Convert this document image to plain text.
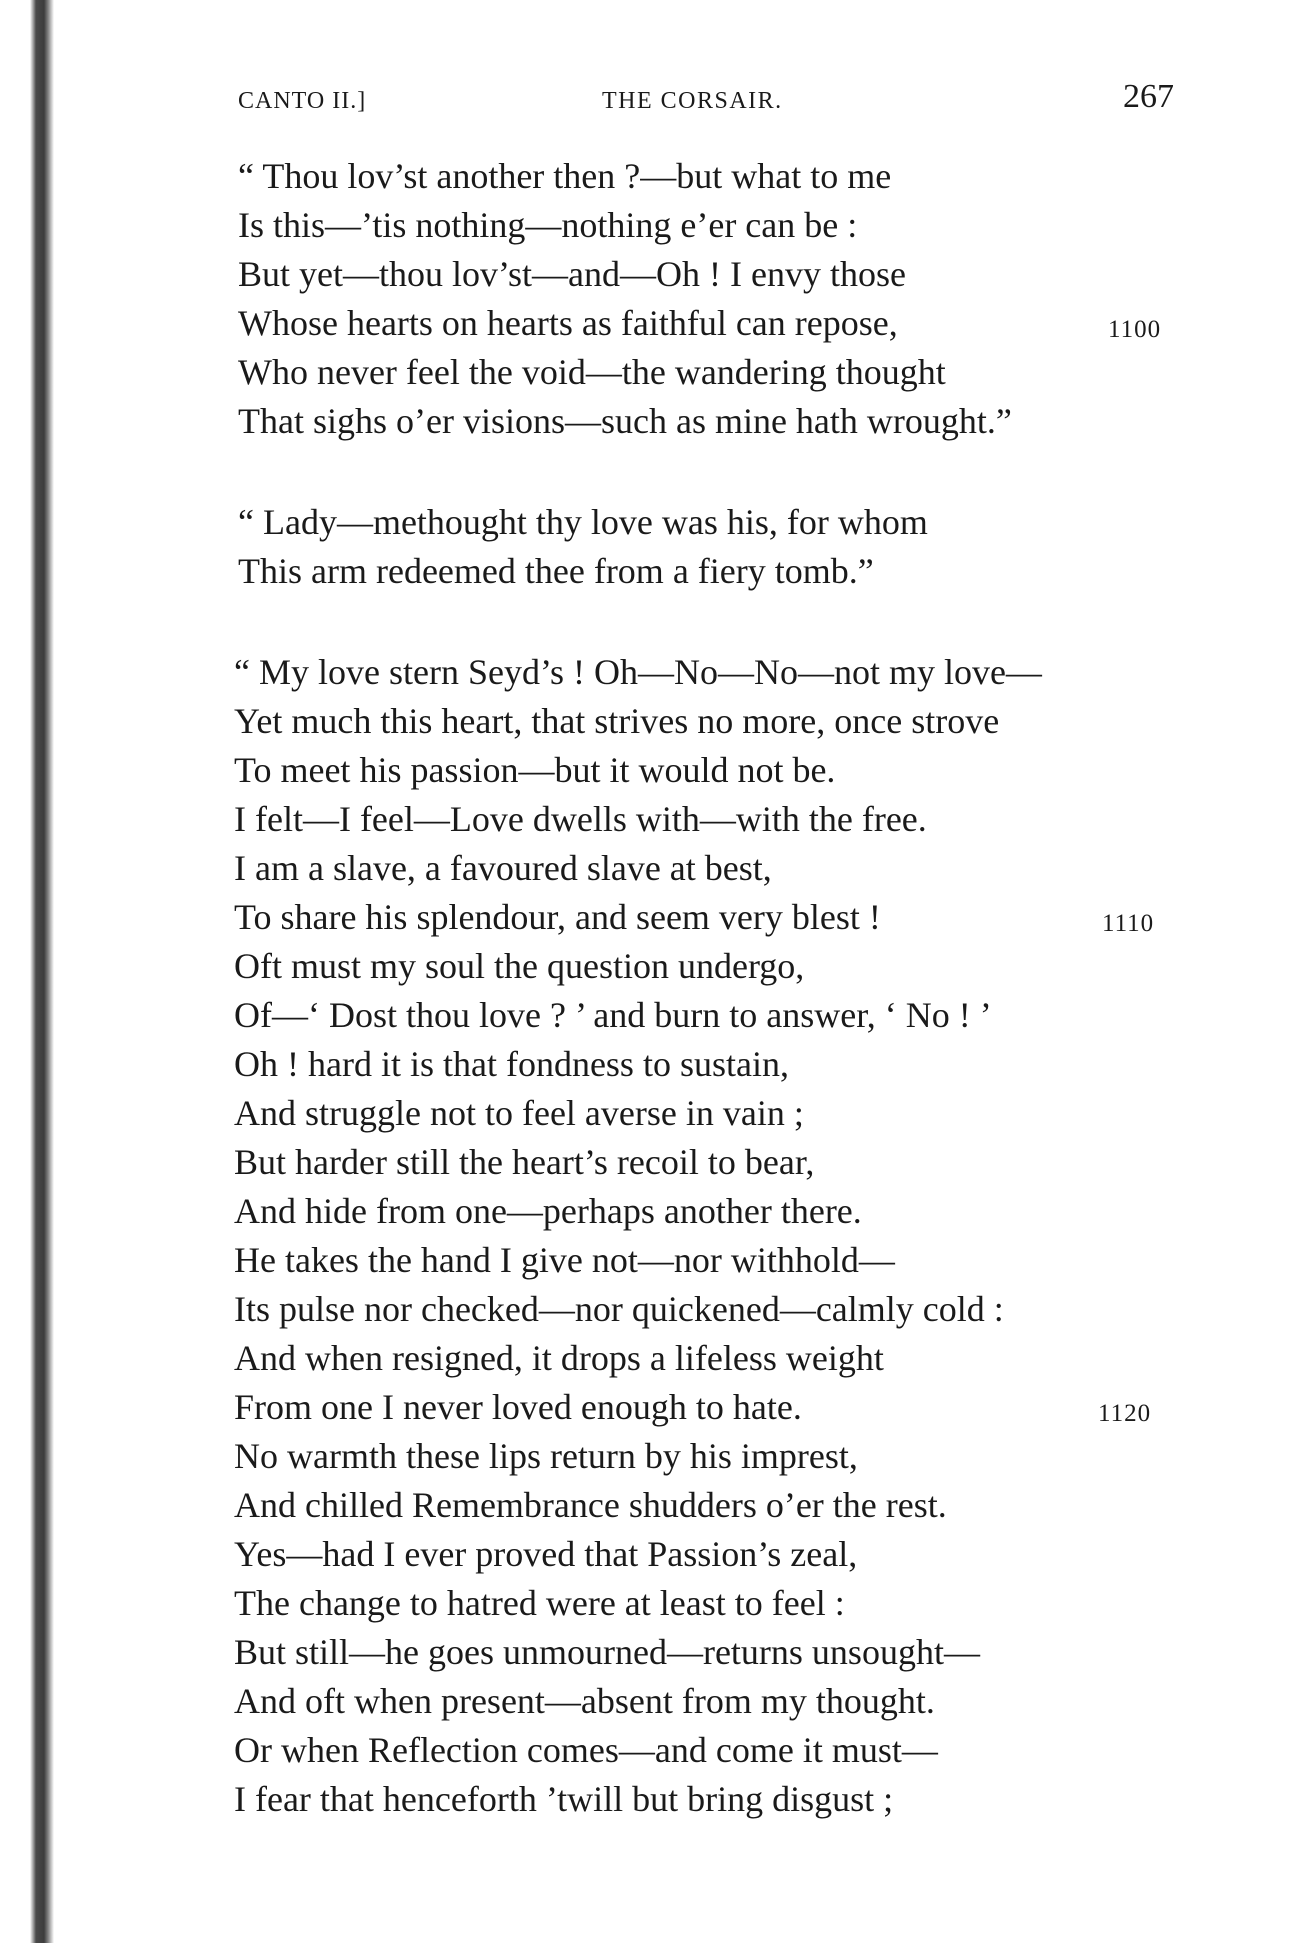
CANTO II.]	THE CORSAIR.	267
“ Thou lov’st another then ?—but what to me
Is this—’tis nothing—nothing e’er can be :
But yet—thou lov’st—and—Oh ! I envy those
Whose hearts on hearts as faithful can repose,
Who never feel the void—the wandering thought
That sighs o’er visions—such as mine hath wrought.”
“ Lady—methought thy love was his, for whom
This arm redeemed thee from a fiery tomb.”
“ My love stern Seyd’s ! Oh—No—No—not my love—
Yet much this heart, that strives no more, once strove
To meet his passion—but it would not be.
I felt—I feel—Love dwells with—with the free.
I am a slave, a favoured slave at best,
To share his splendour, and seem very blest !
Oft must my soul the question undergo,
Of—‘ Dost thou love ? ’ and burn to answer, ‘ No ! ’
Oh ! hard it is that fondness to sustain,
And struggle not to feel averse in vain ;
But harder still the heart’s recoil to bear,
And hide from one—perhaps another there.
He takes the hand I give not—nor withhold—
Its pulse nor checked—nor quickened—calmly cold :
And when resigned, it drops a lifeless weight
From one I never loved enough to hate.
No warmth these lips return by his imprest,
And chilled Remembrance shudders o’er the rest.
Yes—had I ever proved that Passion’s zeal,
The change to hatred were at least to feel :
But still—he goes unmourned—returns unsought—
And oft when present—absent from my thought.
Or when Reflection comes—and come it must—
I fear that henceforth ’twill but bring disgust ;
1100
1110
1120
